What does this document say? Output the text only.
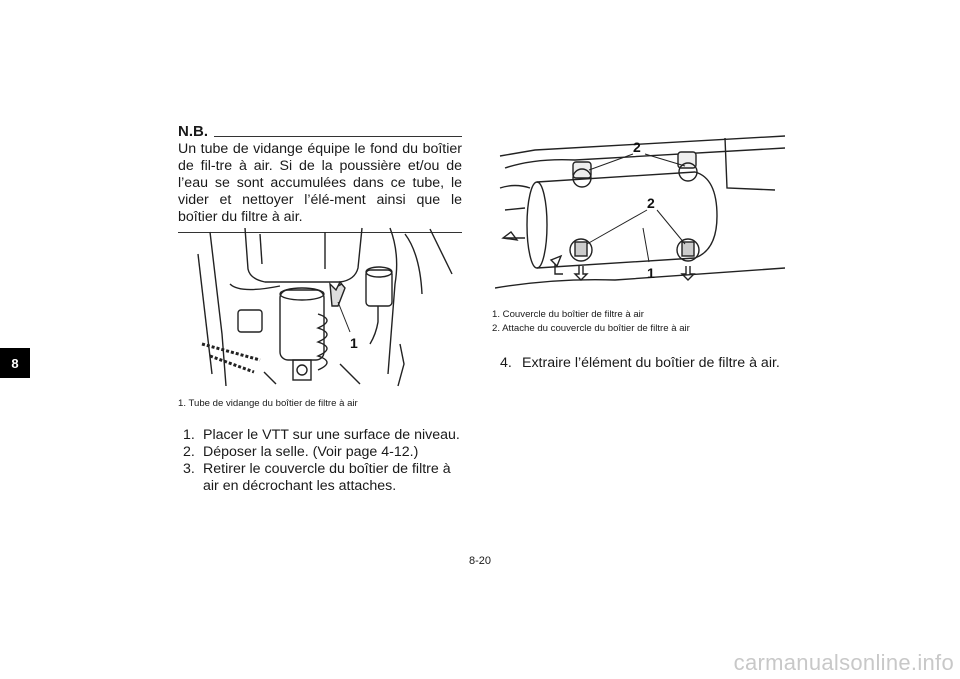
8
N.B.
Un tube de vidange équipe le fond du boîtier de fil-tre à air. Si de la poussière et/ou de l’eau se sont accumulées dans ce tube, le vider et nettoyer l’élé-ment ainsi que le boîtier du filtre à air.
1
1. Tube de vidange du boîtier de filtre à air
1. Placer le VTT sur une surface de niveau.
2. Déposer la selle. (Voir page 4-12.)
3. Retirer le couvercle du boîtier de filtre à air en décrochant les attaches.
2
2
1
1. Couvercle du boîtier de filtre à air
2. Attache du couvercle du boîtier de filtre à air
4. Extraire l’élément du boîtier de filtre à air.
8-20
carmanualsonline.info
